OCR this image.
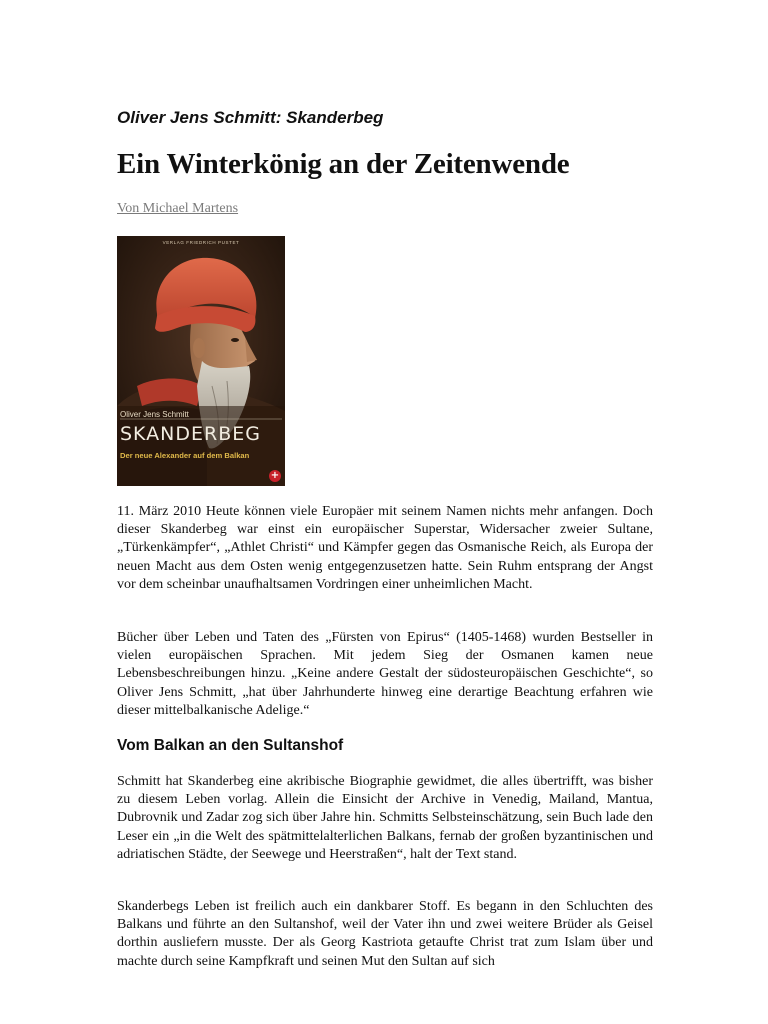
Oliver Jens Schmitt: Skanderbeg
Ein Winterkönig an der Zeitenwende
Von Michael Martens
VERLAG FRIEDRICH PUSTET
Oliver Jens Schmitt
SKANDERBEG
Der neue Alexander auf dem Balkan
+

11. März 2010 Heute können viele Europäer mit seinem Namen nichts mehr anfangen. Doch dieser Skanderbeg war einst ein europäischer Superstar, Widersacher zweier Sultane, „Türkenkämpfer“, „Athlet Christi“ und Kämpfer gegen das Osmanische Reich, als Europa der neuen Macht aus dem Osten wenig entgegenzusetzen hatte. Sein Ruhm entsprang der Angst vor dem scheinbar unaufhaltsamen Vordringen einer unheimlichen Macht.

Bücher über Leben und Taten des „Fürsten von Epirus“ (1405-1468) wurden Bestseller in vielen europäischen Sprachen. Mit jedem Sieg der Osmanen kamen neue Lebensbeschreibungen hinzu. „Keine andere Gestalt der südosteuropäischen Geschichte“, so Oliver Jens Schmitt, „hat über Jahrhunderte hinweg eine derartige Beachtung erfahren wie dieser mittelbalkanische Adelige.“

Vom Balkan an den Sultanshof

Schmitt hat Skanderbeg eine akribische Biographie gewidmet, die alles übertrifft, was bisher zu diesem Leben vorlag. Allein die Einsicht der Archive in Venedig, Mailand, Mantua, Dubrovnik und Zadar zog sich über Jahre hin. Schmitts Selbsteinschätzung, sein Buch lade den Leser ein „in die Welt des spätmittelalterlichen Balkans, fernab der großen byzantinischen und adriatischen Städte, der Seewege und Heerstraßen“, halt der Text stand.

Skanderbegs Leben ist freilich auch ein dankbarer Stoff. Es begann in den Schluchten des Balkans und führte an den Sultanshof, weil der Vater ihn und zwei weitere Brüder als Geisel dorthin ausliefern musste. Der als Georg Kastriota getaufte Christ trat zum Islam über und machte durch seine Kampfkraft und seinen Mut den Sultan auf sich
